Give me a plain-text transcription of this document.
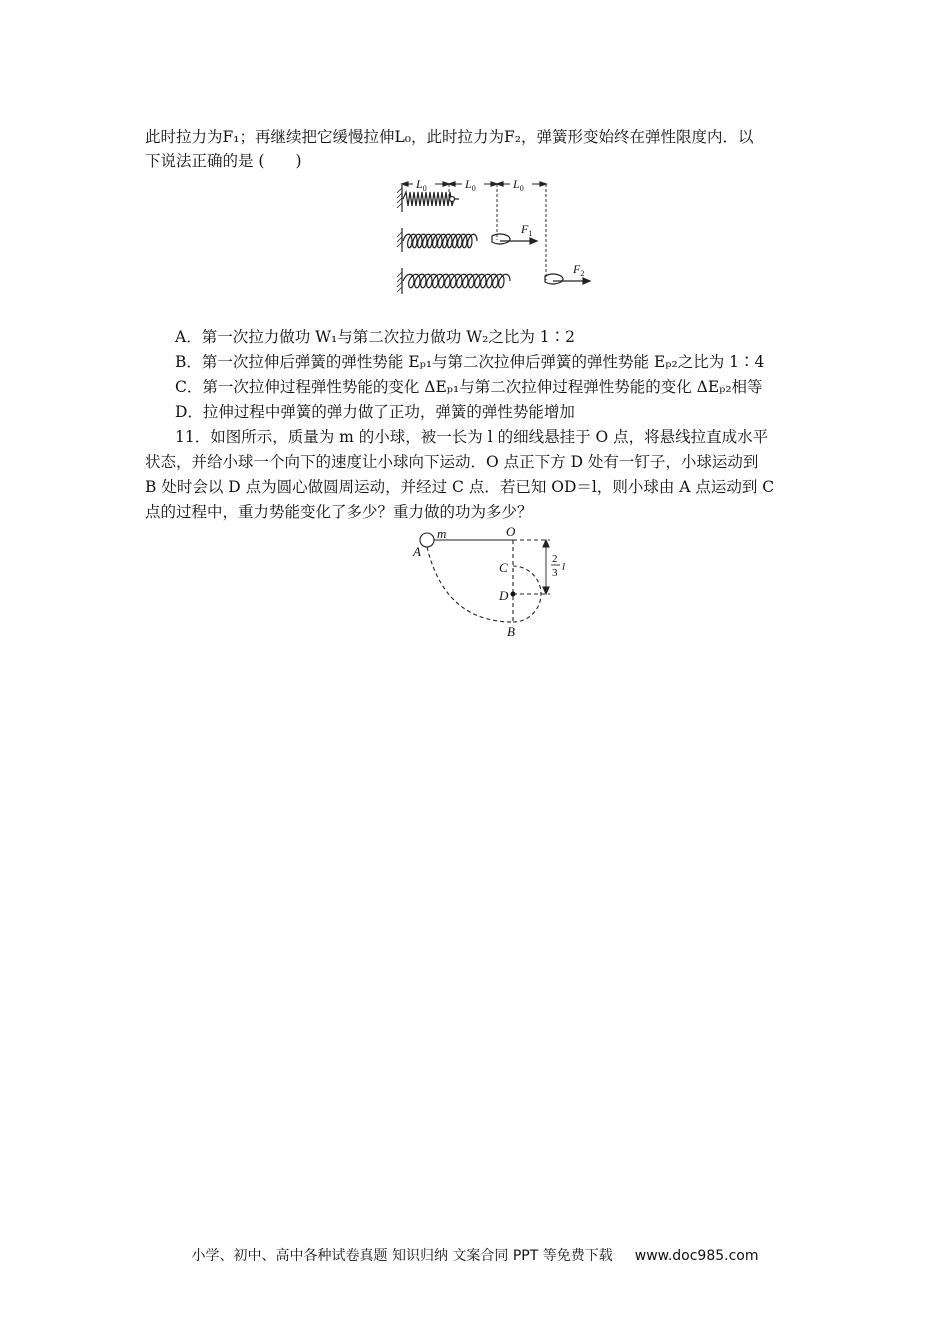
此时拉力为F₁；再继续把它缓慢拉伸L₀，此时拉力为F₂，弹簧形变始终在弹性限度内．以
下说法正确的是 (　　)
$L_0$	$L_0$	$L_0$
$F_1$
$F_2$
A．第一次拉力做功 W₁与第二次拉力做功 W₂之比为 1∶2
B．第一次拉伸后弹簧的弹性势能 Eₚ₁与第二次拉伸后弹簧的弹性势能 Eₚ₂之比为 1∶4
C．第一次拉伸过程弹性势能的变化 ΔEₚ₁与第二次拉伸过程弹性势能的变化 ΔEₚ₂相等
D．拉伸过程中弹簧的弹力做了正功，弹簧的弹性势能增加
11．如图所示，质量为 m 的小球，被一长为 l 的细线悬挂于 O 点，将悬线拉直成水平
状态，并给小球一个向下的速度让小球向下运动．O 点正下方 D 处有一钉子，小球运动到
B 处时会以 D 点为圆心做圆周运动，并经过 C 点．若已知 OD＝l，则小球由 A 点运动到 C
点的过程中，重力势能变化了多少？重力做的功为多少？
m	O
A
C
D
B
2
3 l
小学、初中、高中各种试卷真题 知识归纳 文案合同 PPT 等免费下载 www.doc985.com
